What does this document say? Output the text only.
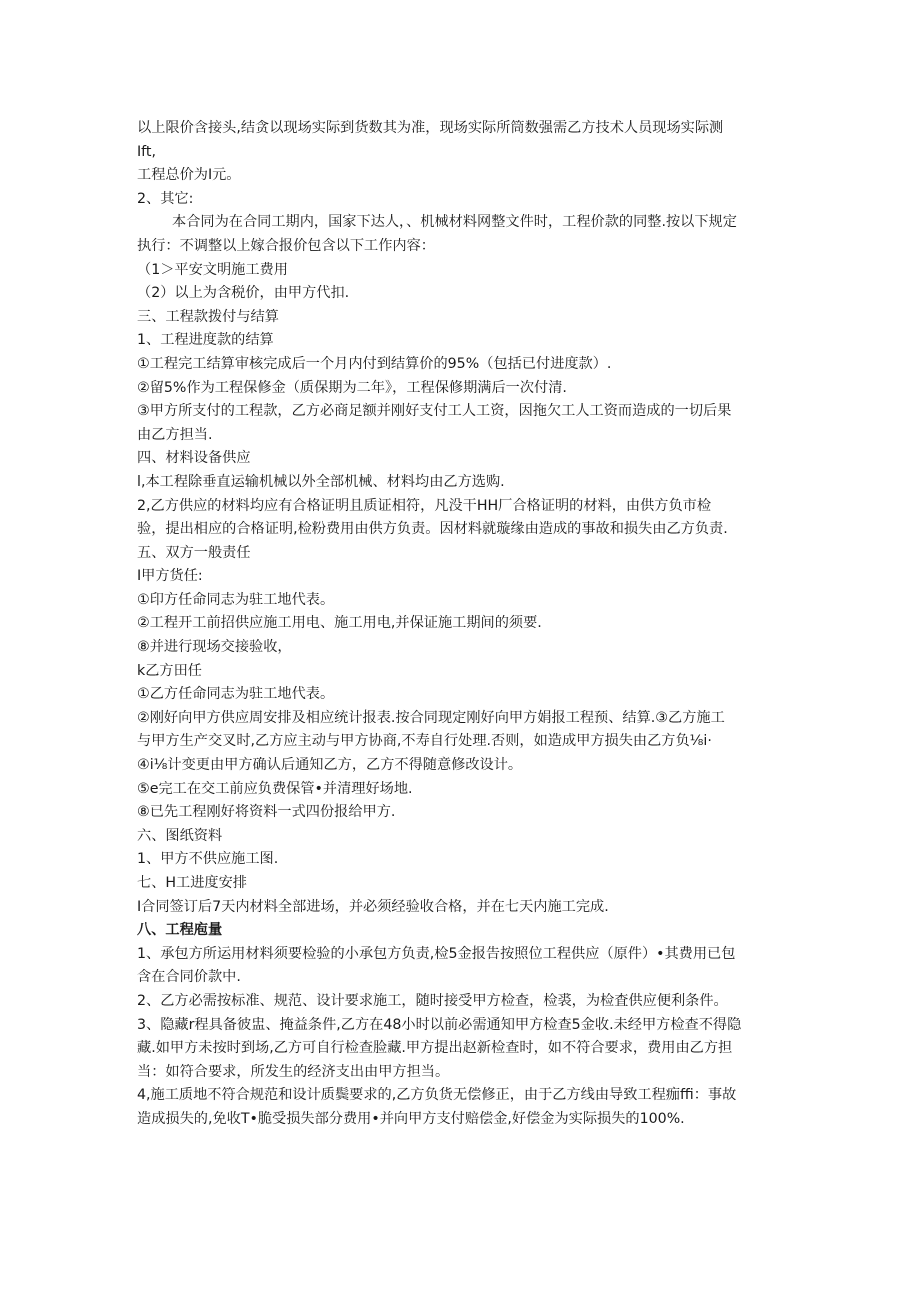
以上限价含接头,结贪以现场实际到货数其为准，现场实际所筒数强需乙方技术人员现场实际测
Ift,
工程总价为I元。
2、其它:
本合同为在合同工期内，国家下达人，、机械材料网整文件时，工程价款的同整.按以下规定
执行：不调整以上嫁合报价包含以下工作内容：
（1＞平安文明施工费用
（2）以上为含税价，由甲方代扣.
三、工程款拨付与结算
1、工程进度款的结算
①工程完工结算审核完成后一个月内付到结算价的95%（包括已付进度款）.
②留5%作为工程保修金（质保期为二年》，工程保修期满后一次付清.
③甲方所支付的工程款，乙方必商足额并刚好支付工人工资，因拖欠工人工资而造成的一切后果
由乙方担当.
四、材料设备供应
l,本工程除垂直运输机械以外全部机械、材料均由乙方选购.
2,乙方供应的材料均应有合格证明且质证相符，凡没干HH厂合格证明的材料，由供方负市检
验，提出相应的合格证明,检粉费用由供方负责。因材料就璇缘由造成的事故和损失由乙方负责.
五、双方一般责任
I甲方货任:
①印方任命同志为驻工地代表。
②工程开工前招供应施工用电、施工用电,并保证施工期间的须要.
⑧并进行现场交接验收，
k乙方田任
①乙方任命同志为驻工地代表。
②刚好向甲方供应周安排及相应统计报表.按合同现定刚好向甲方娟报工程预、结算.③乙方施工
与甲方生产交叉时,乙方应主动与甲方协商,不寿自行处理.否则，如造成甲方损失由乙方负⅛i·
④i⅛计变更由甲方确认后通知乙方，乙方不得随意修改设计。
⑤e完工在交工前应负费保管•并清理好场地.
⑧已先工程刚好将资料一式四份报给甲方.
六、图纸资料
1、甲方不供应施工图.
七、H工进度安排
I合同签订后7天内材料全部进场，并必须经验收合格，并在七天内施工完成.
八、工程庖量
1、承包方所运用材料须要检验的小承包方负责,检5金报告按照位工程供应（原件）•其费用已包
含在合同价款中.
2、乙方必需按标准、规范、设计要求施工，随时接受甲方检查，检裘，为检査供应便利条件。
3、隐藏r程具备彼盅、掩益条件,乙方在48小时以前必需通知甲方检查5金收.未经甲方检查不得隐
藏.如甲方未按时到场,乙方可自行检查脸藏.甲方提出赵新检查时，如不符合要求，费用由乙方担
当：如符合要求，所发生的经济支出由甲方担当。
4,施工质地不符合规范和设计质鬓要求的,乙方负货无偿修正，由于乙方线由导致工程痂ffi：事故
造成损失的,免收T•脆受损失部分费用•并向甲方支付赔偿金,好偿金为实际损失的100%.
